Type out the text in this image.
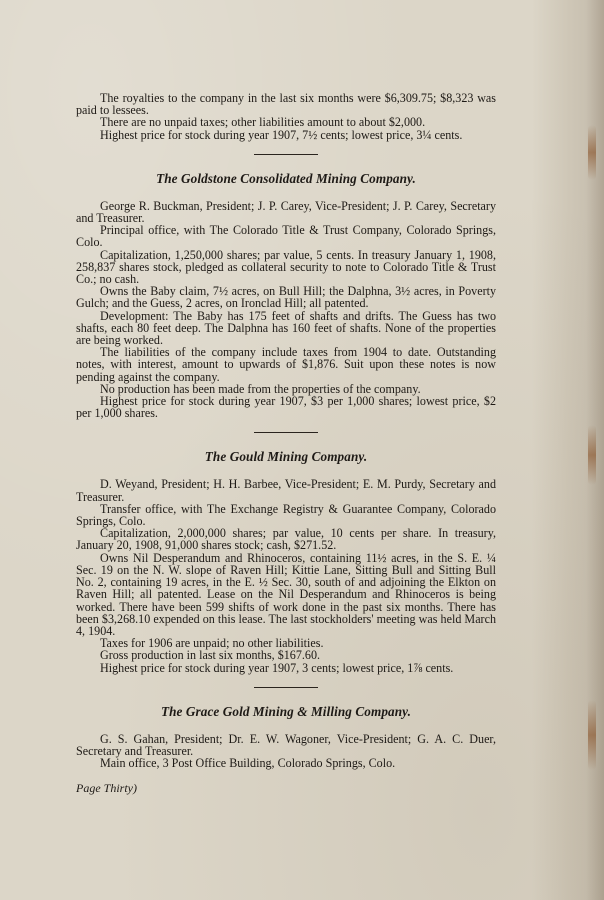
The royalties to the company in the last six months were $6,309.75; $8,323 was paid to lessees.

There are no unpaid taxes; other liabilities amount to about $2,000.

Highest price for stock during year 1907, 7½ cents; lowest price, 3¼ cents.

The Goldstone Consolidated Mining Company.

George R. Buckman, President; J. P. Carey, Vice-President; J. P. Carey, Secretary and Treasurer.

Principal office, with The Colorado Title & Trust Company, Colorado Springs, Colo.

Capitalization, 1,250,000 shares; par value, 5 cents. In treasury January 1, 1908, 258,837 shares stock, pledged as collateral security to note to Colorado Title & Trust Co.; no cash.

Owns the Baby claim, 7½ acres, on Bull Hill; the Dalphna, 3½ acres, in Poverty Gulch; and the Guess, 2 acres, on Ironclad Hill; all patented.

Development: The Baby has 175 feet of shafts and drifts. The Guess has two shafts, each 80 feet deep. The Dalphna has 160 feet of shafts. None of the properties are being worked.

The liabilities of the company include taxes from 1904 to date. Outstanding notes, with interest, amount to upwards of $1,876. Suit upon these notes is now pending against the company.

No production has been made from the properties of the company.

Highest price for stock during year 1907, $3 per 1,000 shares; lowest price, $2 per 1,000 shares.

The Gould Mining Company.

D. Weyand, President; H. H. Barbee, Vice-President; E. M. Purdy, Secretary and Treasurer.

Transfer office, with The Exchange Registry & Guarantee Company, Colorado Springs, Colo.

Capitalization, 2,000,000 shares; par value, 10 cents per share. In treasury, January 20, 1908, 91,000 shares stock; cash, $271.52.

Owns Nil Desperandum and Rhinoceros, containing 11½ acres, in the S. E. ¼ Sec. 19 on the N. W. slope of Raven Hill; Kittie Lane, Sitting Bull and Sitting Bull No. 2, containing 19 acres, in the E. ½ Sec. 30, south of and adjoining the Elkton on Raven Hill; all patented. Lease on the Nil Desperandum and Rhinoceros is being worked. There have been 599 shifts of work done in the past six months. There has been $3,268.10 expended on this lease. The last stockholders' meeting was held March 4, 1904.

Taxes for 1906 are unpaid; no other liabilities.

Gross production in last six months, $167.60.

Highest price for stock during year 1907, 3 cents; lowest price, 1⅞ cents.

The Grace Gold Mining & Milling Company.

G. S. Gahan, President; Dr. E. W. Wagoner, Vice-President; G. A. C. Duer, Secretary and Treasurer.

Main office, 3 Post Office Building, Colorado Springs, Colo.

Page Thirty)
